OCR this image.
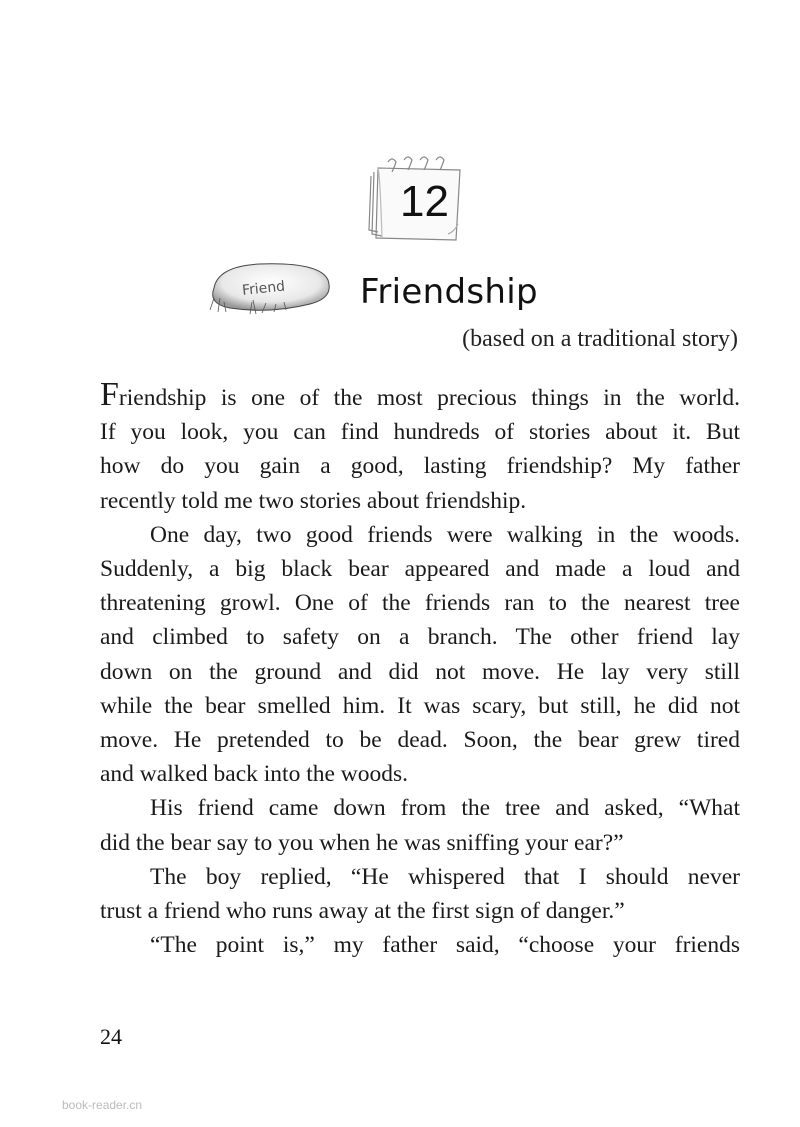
12
Friend Friendship
(based on a traditional story)

Friendship is one of the most precious things in the world.

If you look, you can find hundreds of stories about it. But

how do you gain a good, lasting friendship? My father

recently told me two stories about friendship.

One day, two good friends were walking in the woods.

Suddenly, a big black bear appeared and made a loud and

threatening growl. One of the friends ran to the nearest tree

and climbed to safety on a branch. The other friend lay

down on the ground and did not move. He lay very still

while the bear smelled him. It was scary, but still, he did not

move. He pretended to be dead. Soon, the bear grew tired

and walked back into the woods.

His friend came down from the tree and asked, “What

did the bear say to you when he was sniffing your ear?”

The boy replied, “He whispered that I should never

trust a friend who runs away at the first sign of danger.”

“The point is,” my father said, “choose your friends

24
book-reader.cn
